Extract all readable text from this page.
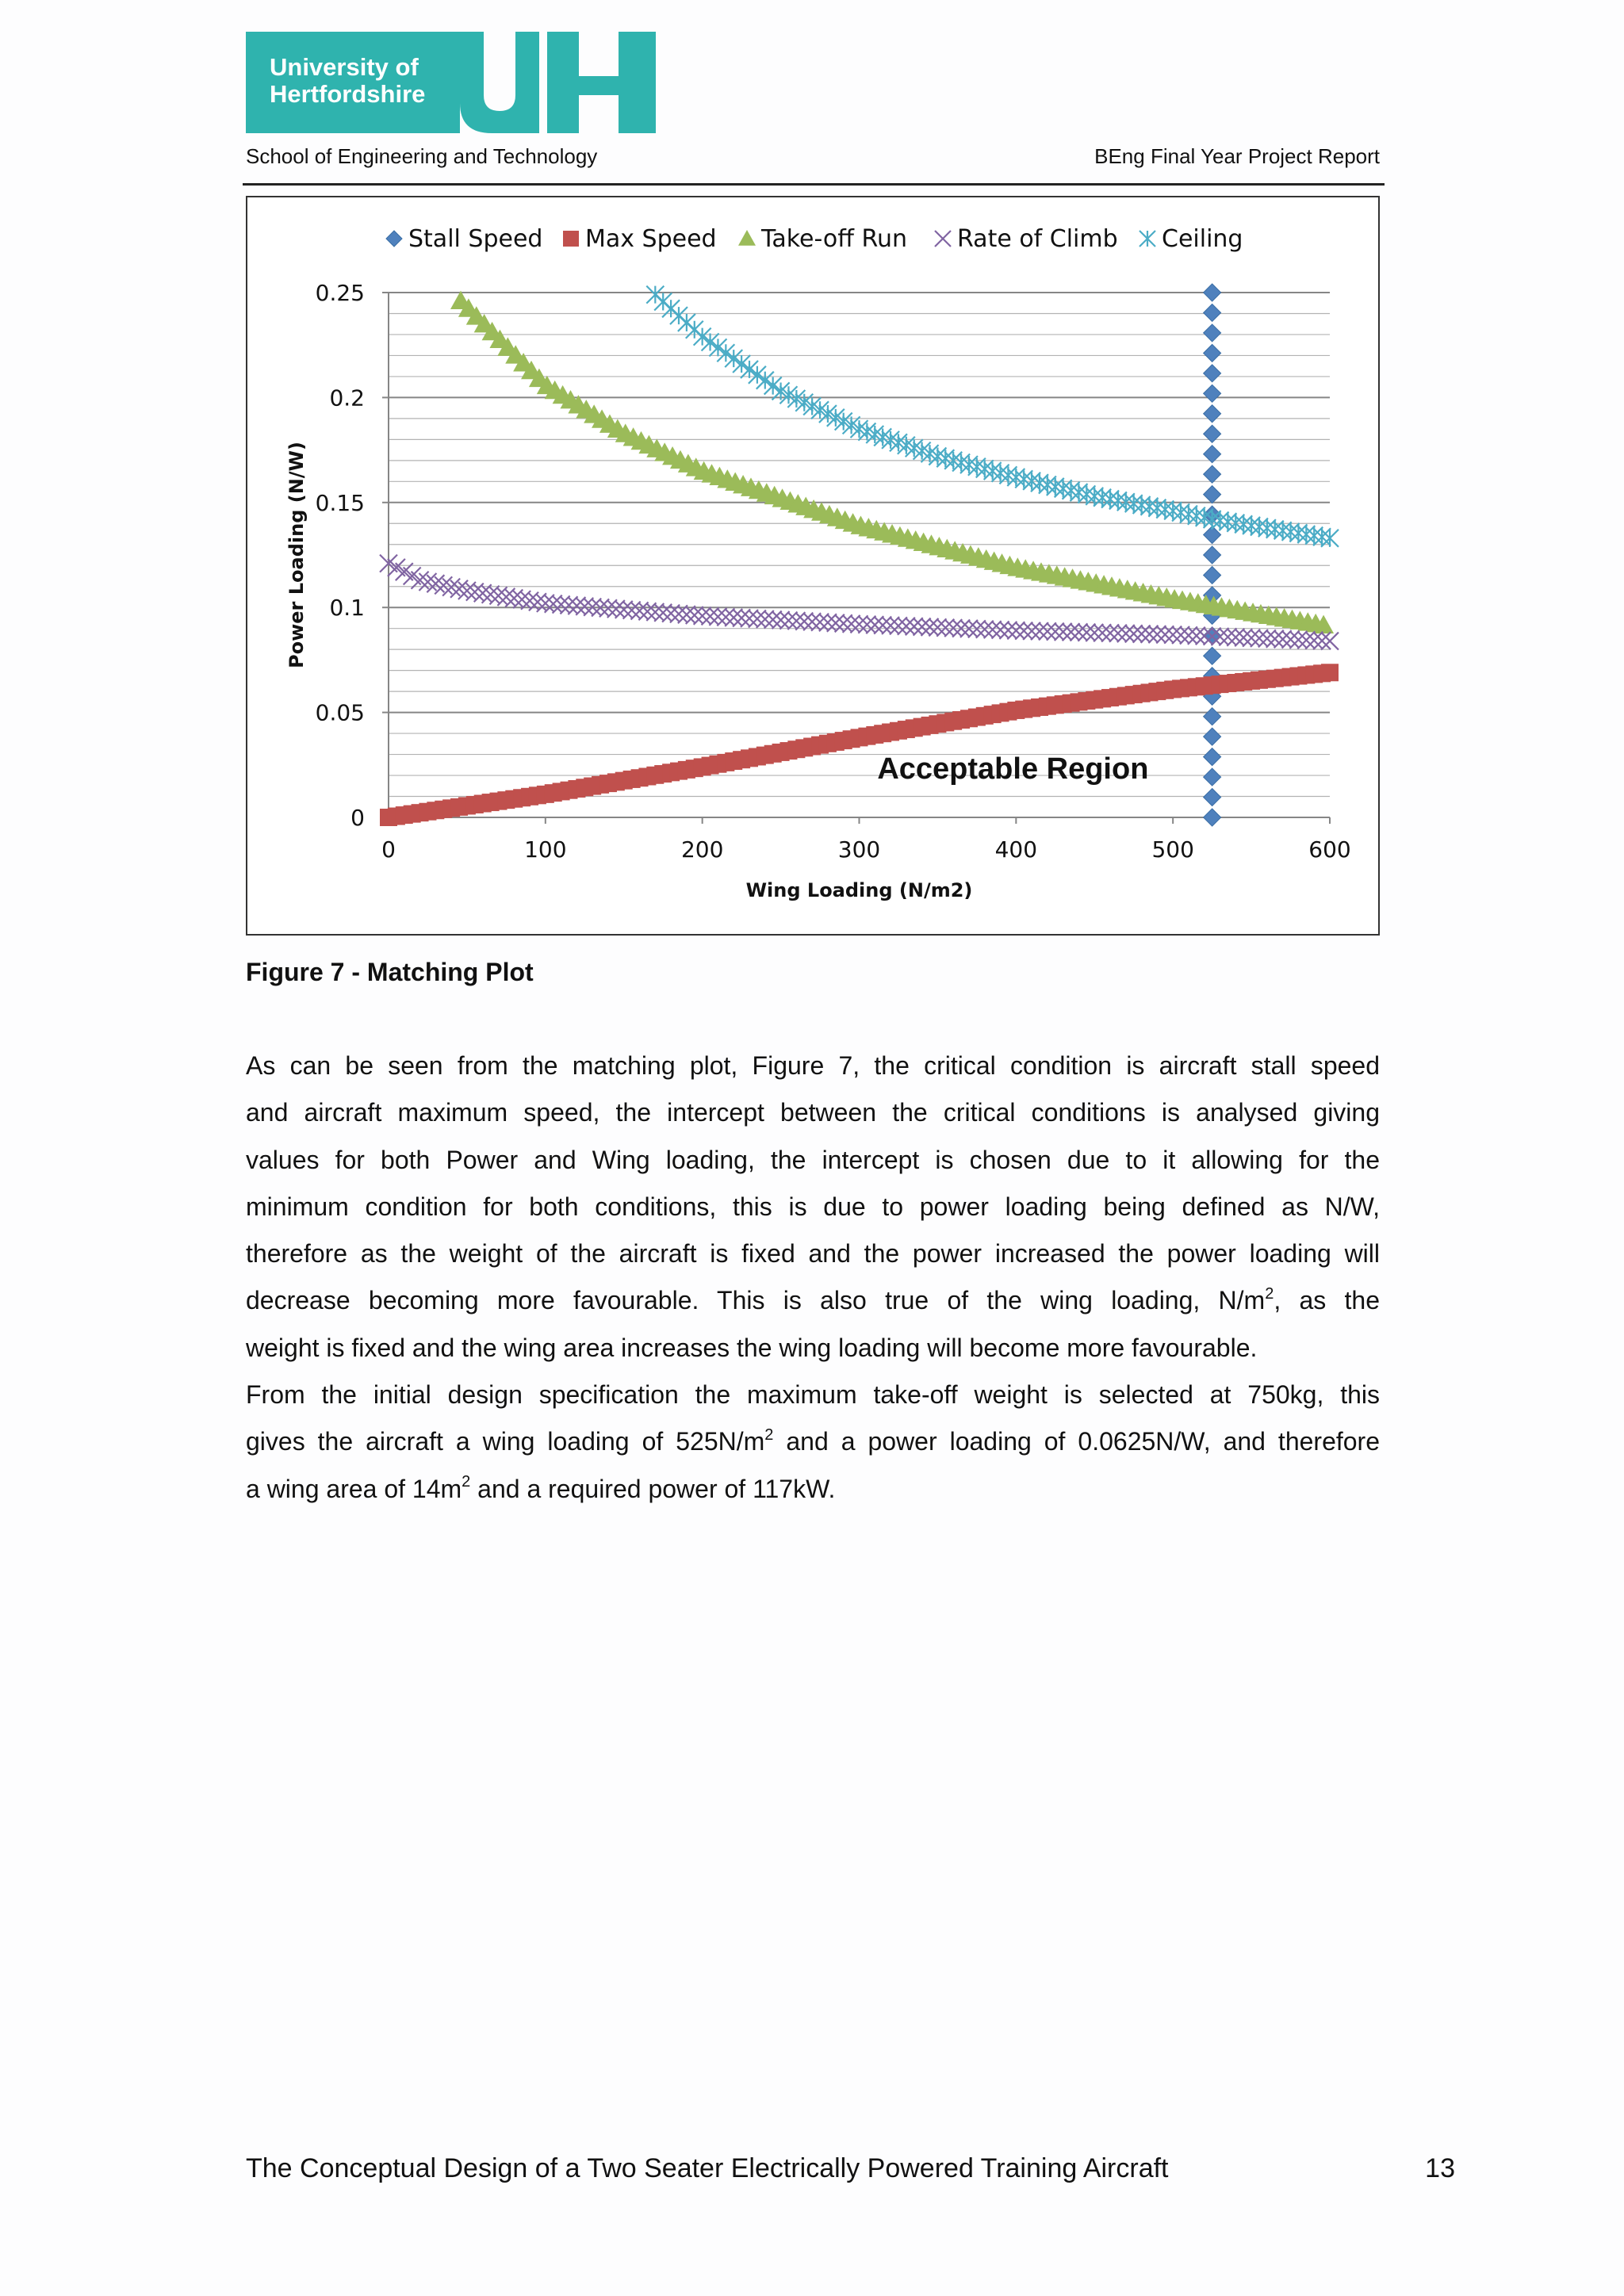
University of
Hertfordshire
School of Engineering and Technology	BEng Final Year Project Report
0
0.05
0.1
0.15
0.2
0.25
0	100	200	300	400	500	600
Wing Loading (N/m2)
Power Loading (N/W)
Acceptable Region
Stall Speed Max Speed Take-off Run Rate of Climb Ceiling
Figure 7 - Matching Plot
As can be seen from the matching plot, Figure 7, the critical condition is aircraft stall speed
and aircraft maximum speed, the intercept between the critical conditions is analysed giving
values for both Power and Wing loading, the intercept is chosen due to it allowing for the
minimum condition for both conditions, this is due to power loading being defined as N/W,
therefore as the weight of the aircraft is fixed and the power increased the power loading will
decrease becoming more favourable. This is also true of the wing loading, $N/m^2$, as the
weight is fixed and the wing area increases the wing loading will become more favourable.
From the initial design specification the maximum take-off weight is selected at 750kg, this
gives the aircraft a wing loading of $525N/m^2$ and a power loading of 0.0625N/W, and therefore
a wing area of $14m^2$ and a required power of 117kW.
The Conceptual Design of a Two Seater Electrically Powered Training Aircraft	13
